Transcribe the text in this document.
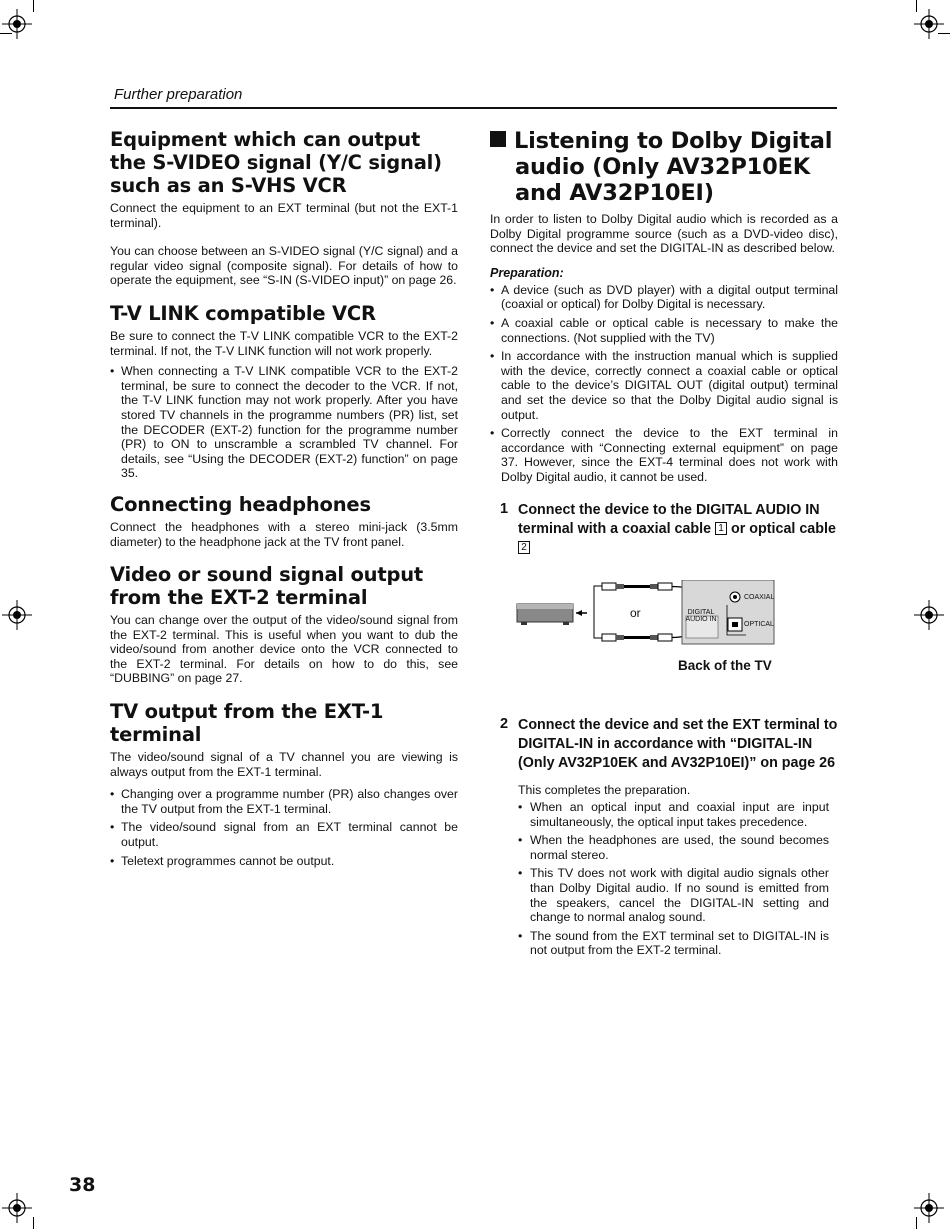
Further preparation
Equipment which can output the S-VIDEO signal (Y/C signal) such as an S-VHS VCR

Connect the equipment to an EXT terminal (but not the EXT-1 terminal).

You can choose between an S-VIDEO signal (Y/C signal) and a regular video signal (composite signal). For details of how to operate the equipment, see “S-IN (S-VIDEO input)” on page 26.

T-V LINK compatible VCR

Be sure to connect the T-V LINK compatible VCR to the EXT-2 terminal. If not, the T-V LINK function will not work properly.

• When connecting a T-V LINK compatible VCR to the EXT-2 terminal, be sure to connect the decoder to the VCR. If not, the T-V LINK function may not work properly. After you have stored TV channels in the programme numbers (PR) list, set the DECODER (EXT-2) function for the programme number (PR) to ON to unscramble a scrambled TV channel. For details, see “Using the DECODER (EXT-2) function” on page 35.
Connecting headphones

Connect the headphones with a stereo mini-jack (3.5mm diameter) to the headphone jack at the TV front panel.

Video or sound signal output from the EXT-2 terminal

You can change over the output of the video/sound signal from the EXT-2 terminal. This is useful when you want to dub the video/sound from another device onto the VCR connected to the EXT-2 terminal. For details on how to do this, see “DUBBING” on page 27.

TV output from the EXT-1 terminal

The video/sound signal of a TV channel you are viewing is always output from the EXT-1 terminal.

• Changing over a programme number (PR) also changes over the TV output from the EXT-1 terminal.
• The video/sound signal from an EXT terminal cannot be output.
• Teletext programmes cannot be output.
Listening to Dolby Digital audio (Only AV32P10EK and AV32P10EI)

In order to listen to Dolby Digital audio which is recorded as a Dolby Digital programme source (such as a DVD-video disc), connect the device and set the DIGITAL-IN as described below.

Preparation:
• A device (such as DVD player) with a digital output terminal (coaxial or optical) for Dolby Digital is necessary.
• A coaxial cable or optical cable is necessary to make the connections. (Not supplied with the TV)
• In accordance with the instruction manual which is supplied with the device, correctly connect a coaxial cable or optical cable to the device’s DIGITAL OUT (digital output) terminal and set the device so that the Dolby Digital audio signal is output.
• Correctly connect the device to the EXT terminal in accordance with “Connecting external equipment” on page 37. However, since the EXT-4 terminal does not work with Dolby Digital audio, it cannot be used.
1 Connect the device to the DIGITAL AUDIO IN terminal with a coaxial cable 1 or optical cable 2
or	DIGITAL
AUDIO IN
COAXIAL
OPTICAL
Back of the TV
2 Connect the device and set the EXT terminal to DIGITAL-IN in accordance with “DIGITAL-IN (Only AV32P10EK and AV32P10EI)” on page 26

This completes the preparation.

• When an optical input and coaxial input are input simultaneously, the optical input takes precedence.
• When the headphones are used, the sound becomes normal stereo.
• This TV does not work with digital audio signals other than Dolby Digital audio. If no sound is emitted from the speakers, cancel the DIGITAL-IN setting and change to normal analog sound.
• The sound from the EXT terminal set to DIGITAL-IN is not output from the EXT-2 terminal.
38
